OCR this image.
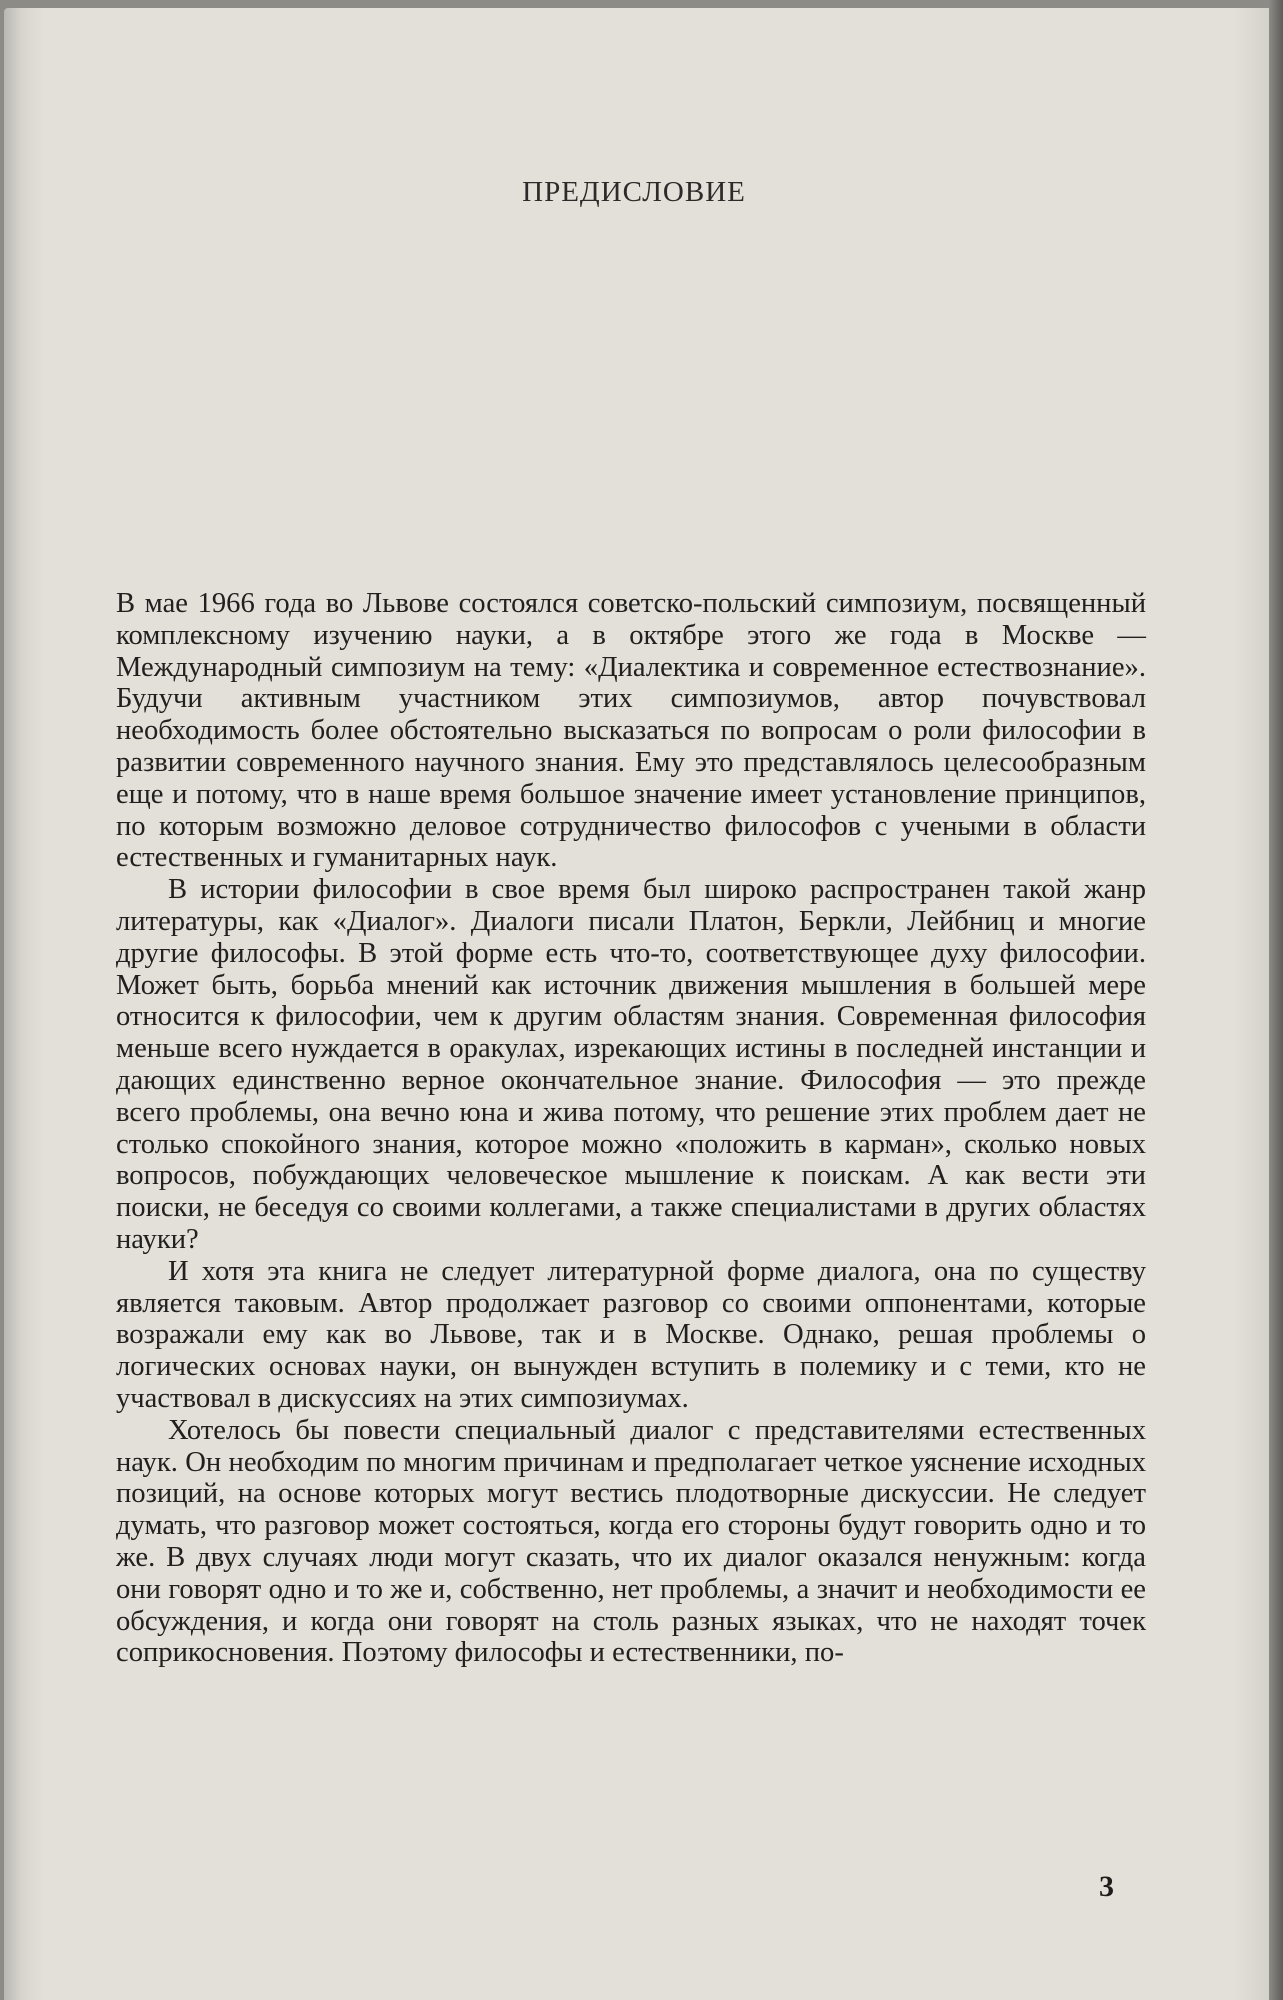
ПРЕДИСЛОВИЕ

В мае 1966 года во Львове состоялся советско-польский симпозиум, посвященный комплексному изучению науки, а в октябре этого же года в Москве — Международный симпозиум на тему: «Диалектика и современное естествознание». Будучи активным участником этих симпозиумов, автор почувствовал необходимость более обстоятельно высказаться по вопросам о роли философии в развитии современного научного знания. Ему это представлялось целесообразным еще и потому, что в наше время большое значение имеет установление принципов, по которым возможно деловое сотрудничество философов с учеными в области естественных и гуманитарных наук.

В истории философии в свое время был широко распространен такой жанр литературы, как «Диалог». Диалоги писали Платон, Беркли, Лейбниц и многие другие философы. В этой форме есть что-то, соответствующее духу философии. Может быть, борьба мнений как источник движения мышления в большей мере относится к философии, чем к другим областям знания. Современная философия меньше всего нуждается в оракулах, изрекающих истины в последней инстанции и дающих единственно верное окончательное знание. Философия — это прежде всего проблемы, она вечно юна и жива потому, что решение этих проблем дает не столько спокойного знания, которое можно «положить в карман», сколько новых вопросов, побуждающих человеческое мышление к поискам. А как вести эти поиски, не беседуя со своими коллегами, а также специалистами в других областях науки?

И хотя эта книга не следует литературной форме диалога, она по существу является таковым. Автор продолжает разговор со своими оппонентами, которые возражали ему как во Львове, так и в Москве. Однако, решая проблемы о логических основах науки, он вынужден вступить в полемику и с теми, кто не участвовал в дискуссиях на этих симпозиумах.

Хотелось бы повести специальный диалог с представителями естественных наук. Он необходим по многим причинам и предполагает четкое уяснение исходных позиций, на основе которых могут вестись плодотворные дискуссии. Не следует думать, что разговор может состояться, когда его стороны будут говорить одно и то же. В двух случаях люди могут сказать, что их диалог оказался ненужным: когда они говорят одно и то же и, собственно, нет проблемы, а значит и необходимости ее обсуждения, и когда они говорят на столь разных языках, что не находят точек соприкосновения. Поэтому философы и естественники, по-

3
